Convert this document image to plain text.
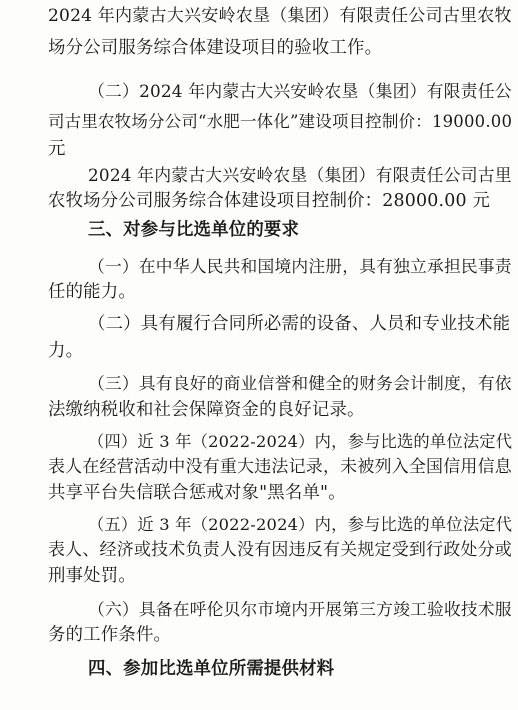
2024 年内蒙古大兴安岭农垦（集团）有限责任公司古里农牧
场分公司服务综合体建设项目的验收工作。
（二）2024 年内蒙古大兴安岭农垦（集团）有限责任公
司古里农牧场分公司“水肥一体化”建设项目控制价：19000.00
元
2024 年内蒙古大兴安岭农垦（集团）有限责任公司古里
农牧场分公司服务综合体建设项目控制价：28000.00 元
三、对参与比选单位的要求
（一）在中华人民共和国境内注册，具有独立承担民事责
任的能力。
（二）具有履行合同所必需的设备、人员和专业技术能
力。
（三）具有良好的商业信誉和健全的财务会计制度，有依
法缴纳税收和社会保障资金的良好记录。
（四）近 3 年（2022-2024）内，参与比选的单位法定代
表人在经营活动中没有重大违法记录，未被列入全国信用信息
共享平台失信联合惩戒对象"黑名单"。
（五）近 3 年（2022-2024）内，参与比选的单位法定代
表人、经济或技术负责人没有因违反有关规定受到行政处分或
刑事处罚。
（六）具备在呼伦贝尔市境内开展第三方竣工验收技术服
务的工作条件。
四、参加比选单位所需提供材料
